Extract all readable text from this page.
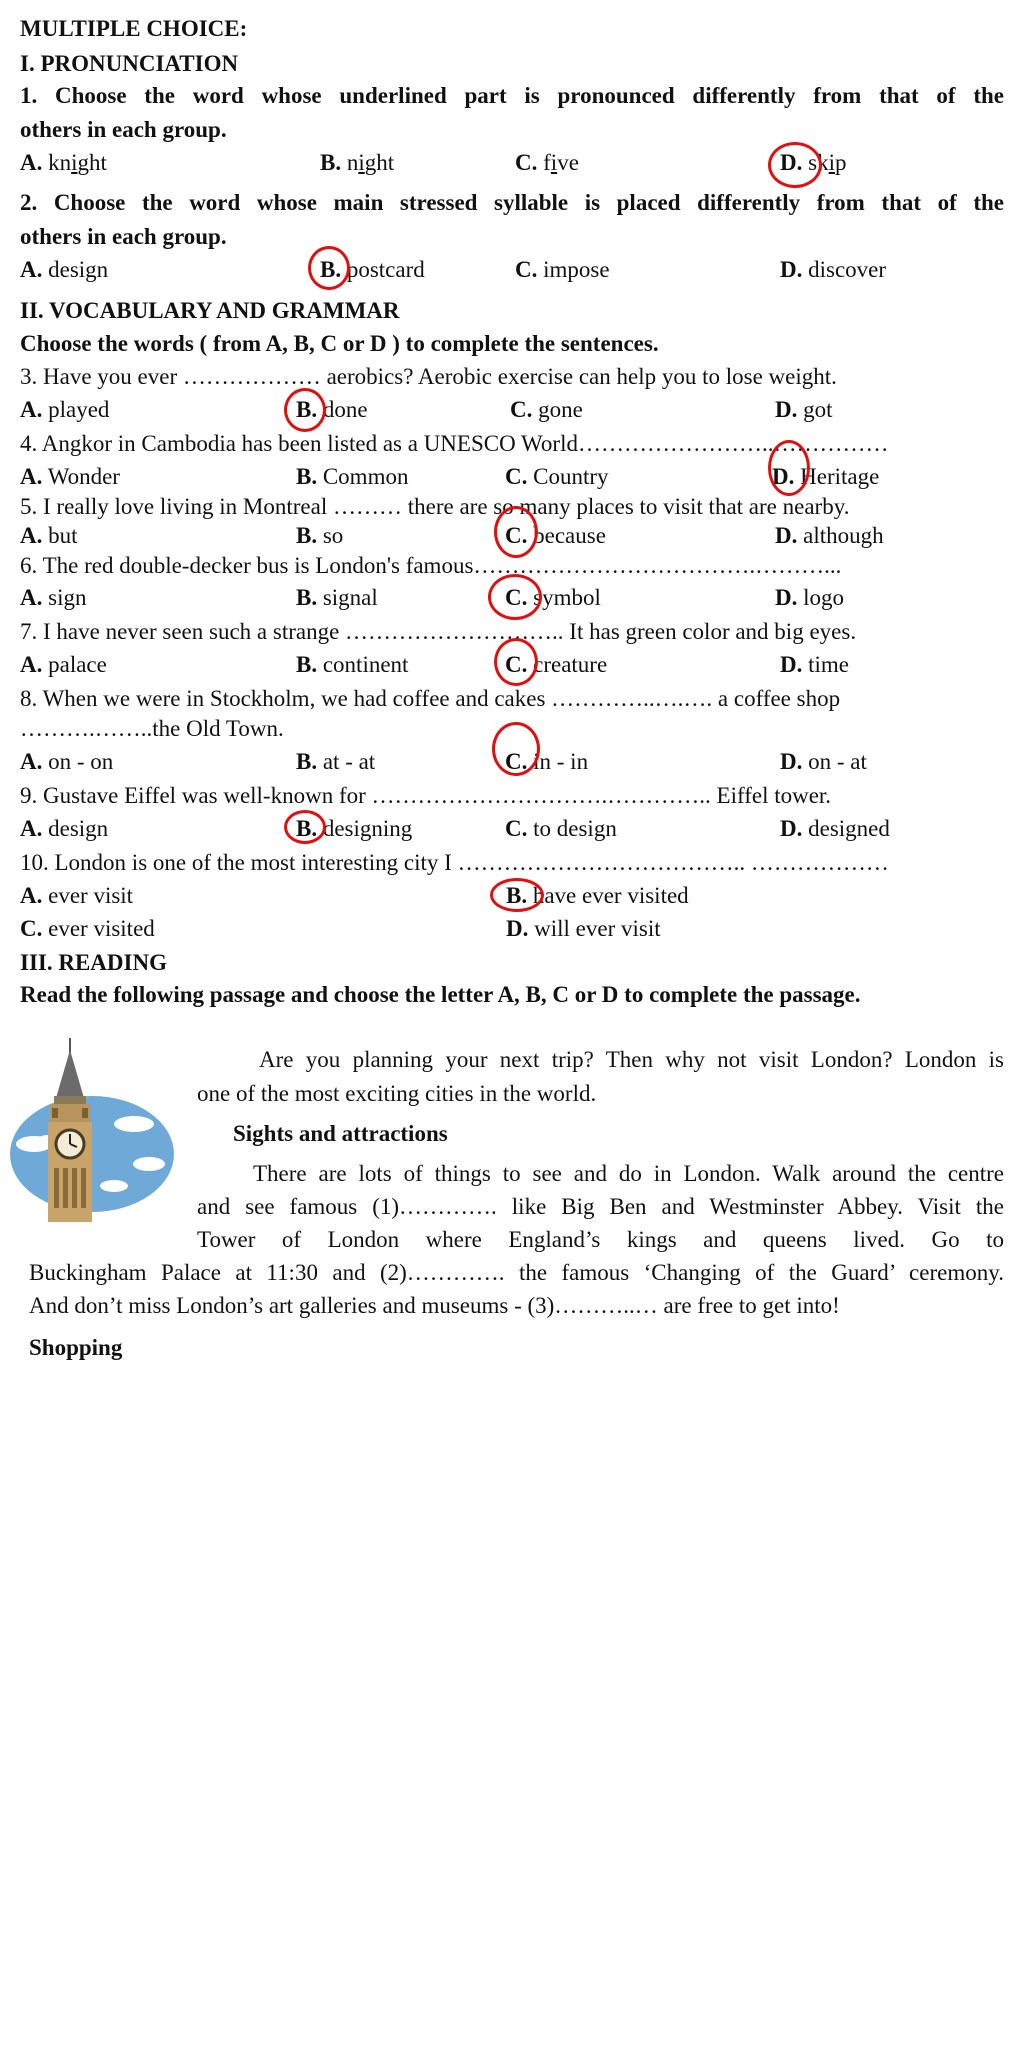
MULTIPLE CHOICE:
I. PRONUNCIATION
1. Choose the word whose underlined part is pronounced differently from that of the
others in each group.
A. knight	B. night	C. five	D. skip
2. Choose the word whose main stressed syllable is placed differently from that of the
others in each group.
A. design	B. postcard	C. impose	D. discover
II. VOCABULARY AND GRAMMAR
Choose the words ( from A, B, C or D ) to complete the sentences.
3. Have you ever ……………… aerobics? Aerobic exercise can help you to lose weight.
A. played	B. done	C. gone	D. got
4. Angkor in Cambodia has been listed as a UNESCO World……………………..……………
A. Wonder	B. Common	C. Country	D. Heritage
5. I really love living in Montreal ……… there are so many places to visit that are nearby.
A. but	B. so	C. because	D. although
6. The red double-decker bus is London's famous……………………………….………...
A. sign	B. signal	C. symbol	D. logo
7. I have never seen such a strange ……………………….. It has green color and big eyes.
A. palace	B. continent	C. creature	D. time
8. When we were in Stockholm, we had coffee and cakes …………..….…. a coffee shop
……….……..the Old Town.
A. on - on	B. at - at	C. in - in	D. on - at
9. Gustave Eiffel was well-known for ………………………….………….. Eiffel tower.
A. design	B. designing	C. to design	D. designed
10. London is one of the most interesting city I ……………………………….. ………………
A. ever visit	B. have ever visited
C. ever visited	D. will ever visit
III. READING
Read the following passage and choose the letter A, B, C or D to complete the passage.
Are you planning your next trip? Then why not visit London? London is
one of the most exciting cities in the world.
Sights and attractions
There are lots of things to see and do in London. Walk around the centre
and see famous (1)…………. like Big Ben and Westminster Abbey. Visit the
Tower of London where England’s kings and queens lived. Go to
Buckingham Palace at 11:30 and (2)…………. the famous ‘Changing of the Guard’ ceremony.
And don’t miss London’s art galleries and museums - (3)………..… are free to get into!
Shopping
